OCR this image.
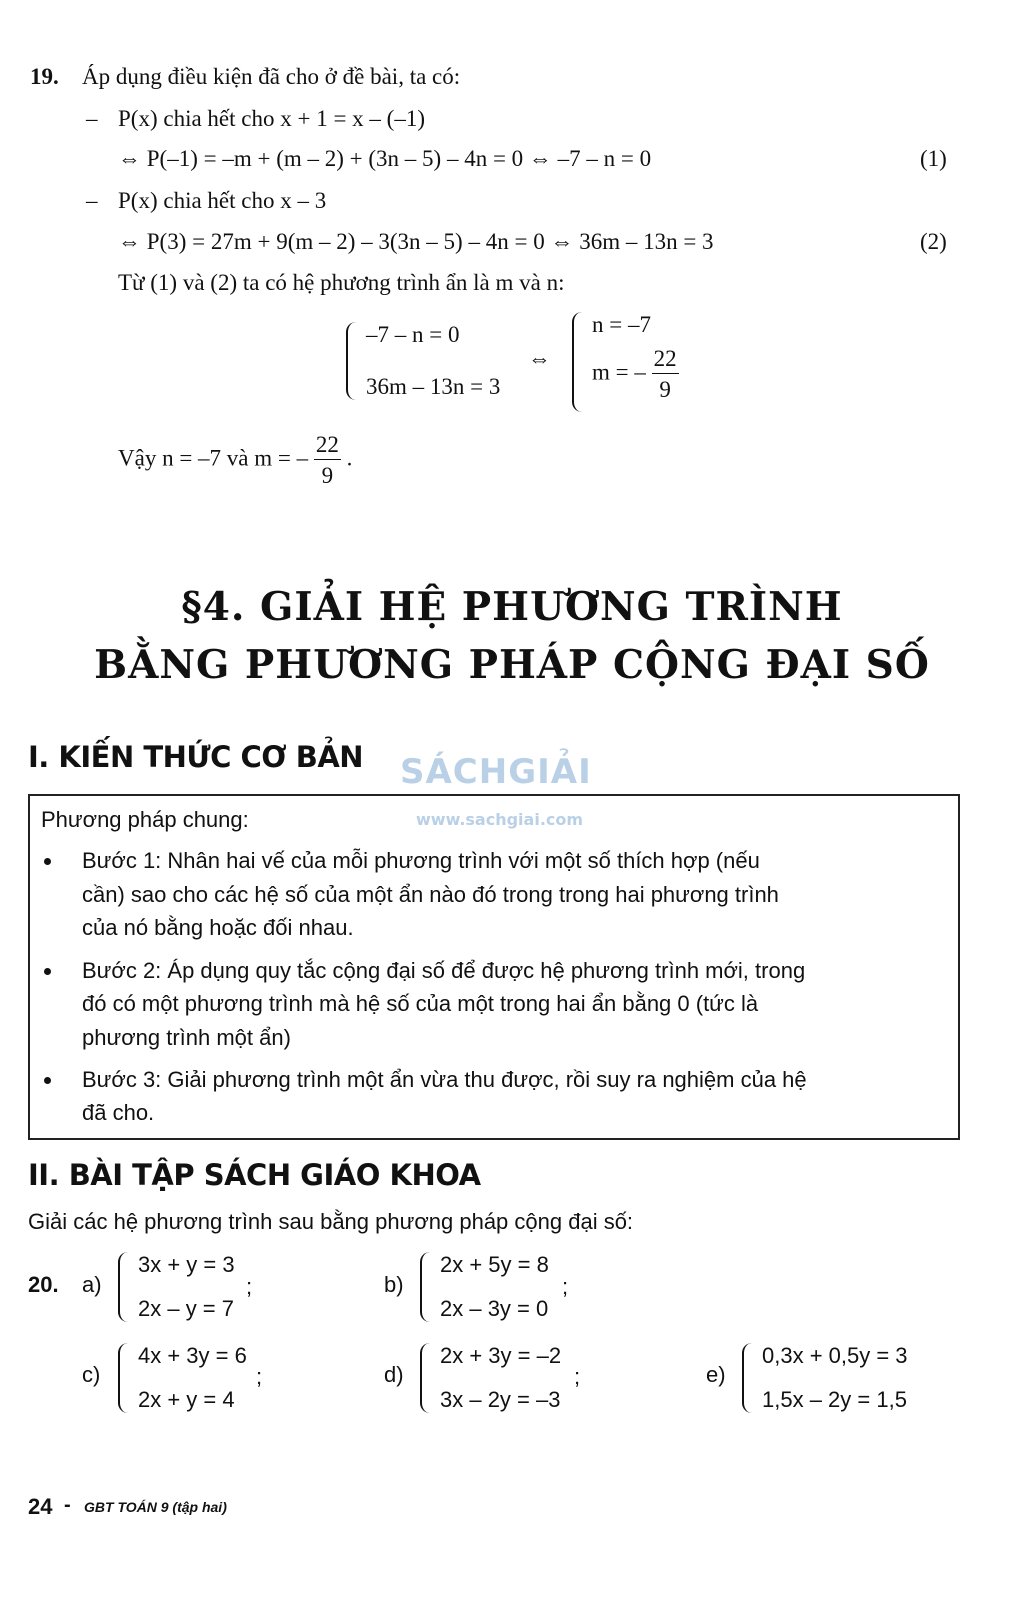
19. Áp dụng điều kiện đã cho ở đề bài, ta có:
– P(x) chia hết cho x + 1 = x – (–1)
⇔ P(–1) = –m + (m – 2) + (3n – 5) – 4n = 0 ⇔ –7 – n = 0	(1)
– P(x) chia hết cho x – 3
⇔ P(3) = 27m + 9(m – 2) – 3(3n – 5) – 4n = 0 ⇔ 36m – 13n = 3	(2)
Từ (1) và (2) ta có hệ phương trình ẩn là m và n:
–7 – n = 0
36m – 13n = 3
⇔
n = –7
m = – $\frac{22}{9}$
Vậy n = –7 và m = – $\frac{22}{9}$ .
§4. GIẢI HỆ PHƯƠNG TRÌNH
BẰNG PHƯƠNG PHÁP CỘNG ĐẠI SỐ
I. KIẾN THỨC CƠ BẢN SÁCHGIẢI
www.sachgiai.com
Phương pháp chung:
Bước 1: Nhân hai vế của mỗi phương trình với một số thích hợp (nếu
cần) sao cho các hệ số của một ẩn nào đó trong trong hai phương trình
của nó bằng hoặc đối nhau.
Bước 2: Áp dụng quy tắc cộng đại số để được hệ phương trình mới, trong
đó có một phương trình mà hệ số của một trong hai ẩn bằng 0 (tức là
phương trình một ẩn)
Bước 3: Giải phương trình một ẩn vừa thu được, rồi suy ra nghiệm của hệ
đã cho.
II. BÀI TẬP SÁCH GIÁO KHOA
Giải các hệ phương trình sau bằng phương pháp cộng đại số:
20. a)
3x + y = 3
2x – y = 7
;	b)
2x + 5y = 8
2x – 3y = 0
;
c)
4x + 3y = 6
2x + y = 4
;	d)
2x + 3y = –2
3x – 2y = –3
;	e)
0,3x + 0,5y = 3
1,5x – 2y = 1,5
24 - GBT TOÁN 9 (tập hai)
